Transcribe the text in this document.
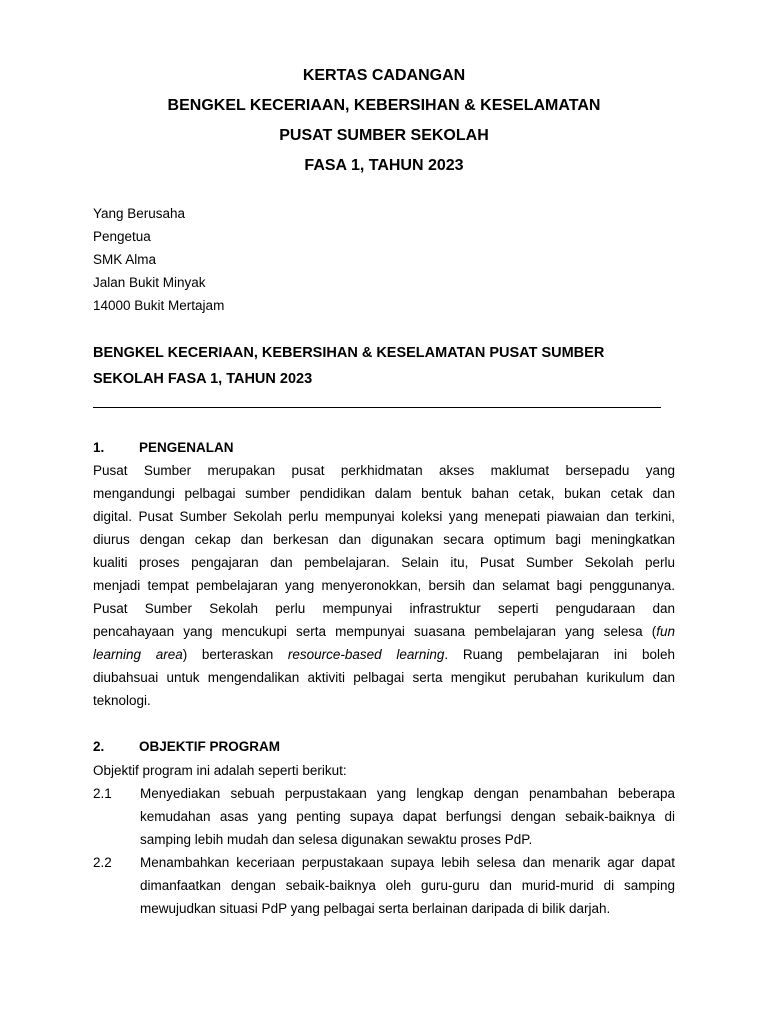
KERTAS CADANGAN

BENGKEL KECERIAAN, KEBERSIHAN & KESELAMATAN

PUSAT SUMBER SEKOLAH

FASA 1, TAHUN 2023

Yang Berusaha

Pengetua

SMK Alma

Jalan Bukit Minyak

14000 Bukit Mertajam

BENGKEL KECERIAAN, KEBERSIHAN & KESELAMATAN PUSAT SUMBER

SEKOLAH FASA 1, TAHUN 2023

1.	PENGENALAN

Pusat Sumber merupakan pusat perkhidmatan akses maklumat bersepadu yang

mengandungi pelbagai sumber pendidikan dalam bentuk bahan cetak, bukan cetak dan

digital. Pusat Sumber Sekolah perlu mempunyai koleksi yang menepati piawaian dan terkini,

diurus dengan cekap dan berkesan dan digunakan secara optimum bagi meningkatkan

kualiti proses pengajaran dan pembelajaran. Selain itu, Pusat Sumber Sekolah perlu

menjadi tempat pembelajaran yang menyeronokkan, bersih dan selamat bagi penggunanya.

Pusat Sumber Sekolah perlu mempunyai infrastruktur seperti pengudaraan dan

pencahayaan yang mencukupi serta mempunyai suasana pembelajaran yang selesa (fun

learning area) berteraskan resource-based learning. Ruang pembelajaran ini boleh

diubahsuai untuk mengendalikan aktiviti pelbagai serta mengikut perubahan kurikulum dan

teknologi.

2.	OBJEKTIF PROGRAM

Objektif program ini adalah seperti berikut:

2.1 Menyediakan sebuah perpustakaan yang lengkap dengan penambahan beberapa

kemudahan asas yang penting supaya dapat berfungsi dengan sebaik-baiknya di

samping lebih mudah dan selesa digunakan sewaktu proses PdP.

2.2 Menambahkan keceriaan perpustakaan supaya lebih selesa dan menarik agar dapat

dimanfaatkan dengan sebaik-baiknya oleh guru-guru dan murid-murid di samping

mewujudkan situasi PdP yang pelbagai serta berlainan daripada di bilik darjah.
